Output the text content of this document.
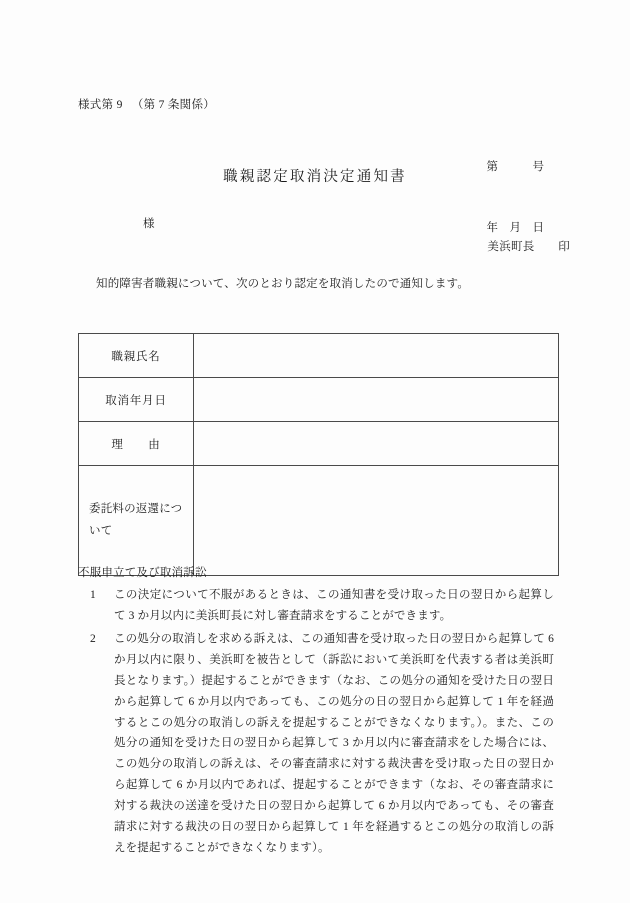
様式第 9 　（第 7 条関係）

第　　　号

年　月　日

職親認定取消決定通知書
様
美浜町長　　印
知的障害者職親について、次のとおり認定を取消したので通知します。
職親氏名	
取消年月日	
理　　由	
委託料の返還について	
不服申立て及び取消訴訟
1	この決定について不服があるときは、この通知書を受け取った日の翌日から起算して 3 か月以内に美浜町長に対し審査請求をすることができます。
2	この処分の取消しを求める訴えは、この通知書を受け取った日の翌日から起算して 6 か月以内に限り、美浜町を被告として（訴訟において美浜町を代表する者は美浜町長となります。）提起することができます（なお、この処分の通知を受けた日の翌日から起算して 6 か月以内であっても、この処分の日の翌日から起算して 1 年を経過するとこの処分の取消しの訴えを提起することができなくなります。）。また、この処分の通知を受けた日の翌日から起算して 3 か月以内に審査請求をした場合には、この処分の取消しの訴えは、その審査請求に対する裁決書を受け取った日の翌日から起算して 6 か月以内であれば、提起することができます（なお、その審査請求に対する裁決の送達を受けた日の翌日から起算して 6 か月以内であっても、その審査請求に対する裁決の日の翌日から起算して 1 年を経過するとこの処分の取消しの訴えを提起することができなくなります）。
